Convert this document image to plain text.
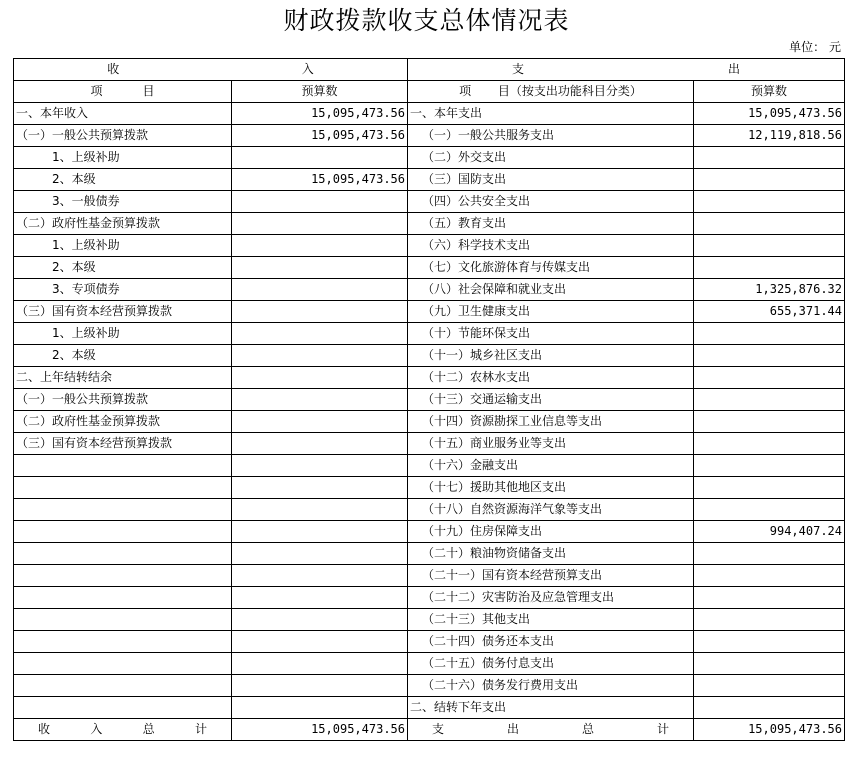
财政拨款收支总体情况表
单位： 元
收 入		支 出	

项 目	预算数	项       目（按支出功能科目分类）	预算数
一、本年收入	15,095,473.56	一、本年支出	15,095,473.56
（一）一般公共预算拨款	15,095,473.56	（一）一般公共服务支出	12,119,818.56
1、上级补助		（二）外交支出	
2、本级	15,095,473.56	（三）国防支出	
3、一般债券		（四）公共安全支出	
（二）政府性基金预算拨款		（五）教育支出	
1、上级补助		（六）科学技术支出	
2、本级		（七）文化旅游体育与传媒支出	
3、专项债券		（八）社会保障和就业支出	1,325,876.32
（三）国有资本经营预算拨款		（九）卫生健康支出	655,371.44
1、上级补助		（十）节能环保支出	
2、本级		（十一）城乡社区支出	
二、上年结转结余		（十二）农林水支出	
（一）一般公共预算拨款		（十三）交通运输支出	
（二）政府性基金预算拨款		（十四）资源勘探工业信息等支出	
（三）国有资本经营预算拨款		（十五）商业服务业等支出	
		（十六）金融支出	
		（十七）援助其他地区支出	
		（十八）自然资源海洋气象等支出	
		（十九）住房保障支出	994,407.24
		（二十）粮油物资储备支出	
		（二十一）国有资本经营预算支出	
		（二十二）灾害防治及应急管理支出	
		（二十三）其他支出	
		（二十四）债务还本支出	
		（二十五）债务付息支出	
		（二十六）债务发行费用支出	
		二、结转下年支出	

收 入 总 计	15,095,473.56	支 出 总 计	15,095,473.56
